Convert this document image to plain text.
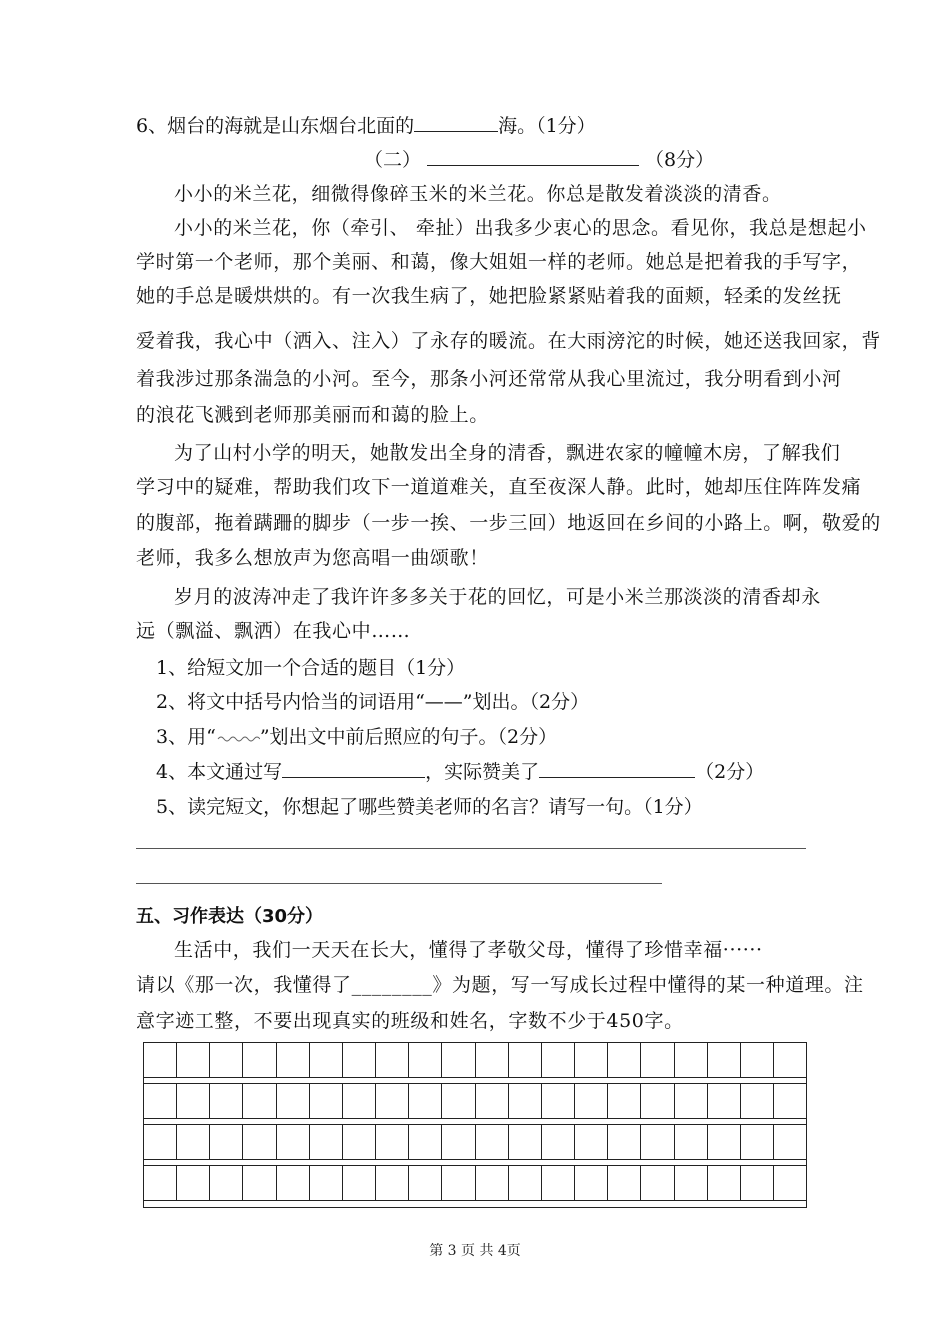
6、烟台的海就是山东烟台北面的	海。（1分）
（二）	（8分）
小小的米兰花，细微得像碎玉米的米兰花。你总是散发着淡淡的清香。
小小的米兰花，你（牵引、 牵扯）出我多少衷心的思念。看见你，我总是想起小
学时第一个老师，那个美丽、和蔼，像大姐姐一样的老师。她总是把着我的手写字，
她的手总是暖烘烘的。有一次我生病了，她把脸紧紧贴着我的面颊，轻柔的发丝抚
爱着我，我心中（洒入、注入）了永存的暖流。在大雨滂沱的时候，她还送我回家，背
着我涉过那条湍急的小河。至今，那条小河还常常从我心里流过，我分明看到小河
的浪花飞溅到老师那美丽而和蔼的脸上。
为了山村小学的明天，她散发出全身的清香，飘进农家的幢幢木房，了解我们
学习中的疑难，帮助我们攻下一道道难关，直至夜深人静。此时，她却压住阵阵发痛
的腹部，拖着蹒跚的脚步（一步一挨、一步三回）地返回在乡间的小路上。啊，敬爱的
老师，我多么想放声为您高唱一曲颂歌！
岁月的波涛冲走了我许许多多关于花的回忆，可是小米兰那淡淡的清香却永
远（飘溢、飘洒）在我心中……
1、给短文加一个合适的题目（1分）
2、将文中括号内恰当的词语用“——”划出。（2分）
3、用“ ”划出文中前后照应的句子。（2分）
4、本文通过写	，实际赞美了	（2分）
5、读完短文，你想起了哪些赞美老师的名言？请写一句。（1分）
五、习作表达（30分）
生活中，我们一天天在长大，懂得了孝敬父母，懂得了珍惜幸福······
请以《那一次，我懂得了________》为题，写一写成长过程中懂得的某一种道理。注
意字迹工整，不要出现真实的班级和姓名，字数不少于450字。
第 3 页 共 4页
